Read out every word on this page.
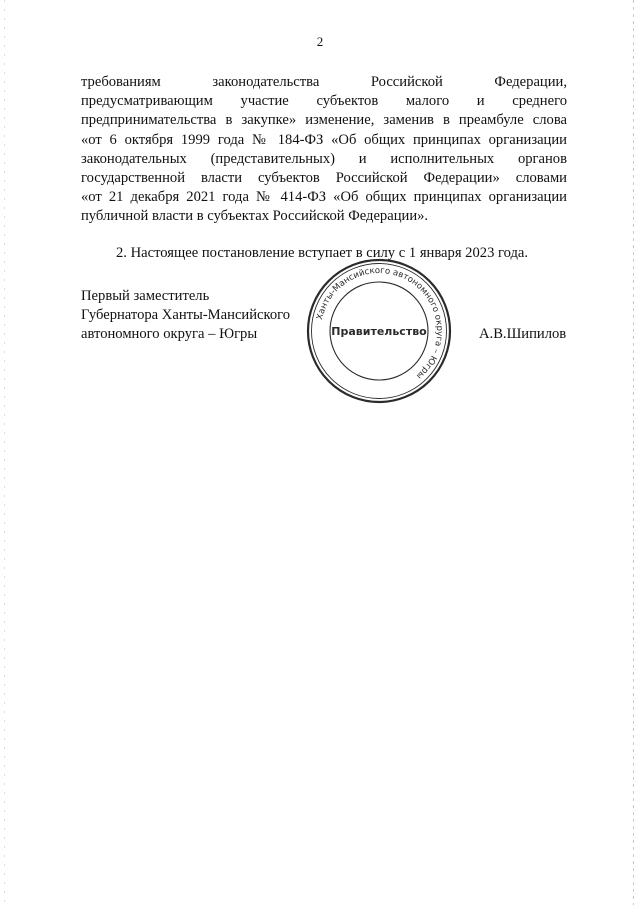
2
требованиям законодательства Российской Федерации,
предусматривающим участие субъектов малого и среднего
предпринимательства в закупке» изменение, заменив в преамбуле слова
«от 6 октября 1999 года № 184-ФЗ «Об общих принципах организации
законодательных (представительных) и исполнительных органов
государственной власти субъектов Российской Федерации» словами
«от 21 декабря 2021 года № 414-ФЗ «Об общих принципах организации
публичной власти в субъектах Российской Федерации».
2. Настоящее постановление вступает в силу с 1 января 2023 года.
Первый заместитель
Губернатора Ханты-Мансийского
автономного округа – Югры
Ханты-Мансийского автономного округа – Югры
Правительство	А.В.Шипилов
